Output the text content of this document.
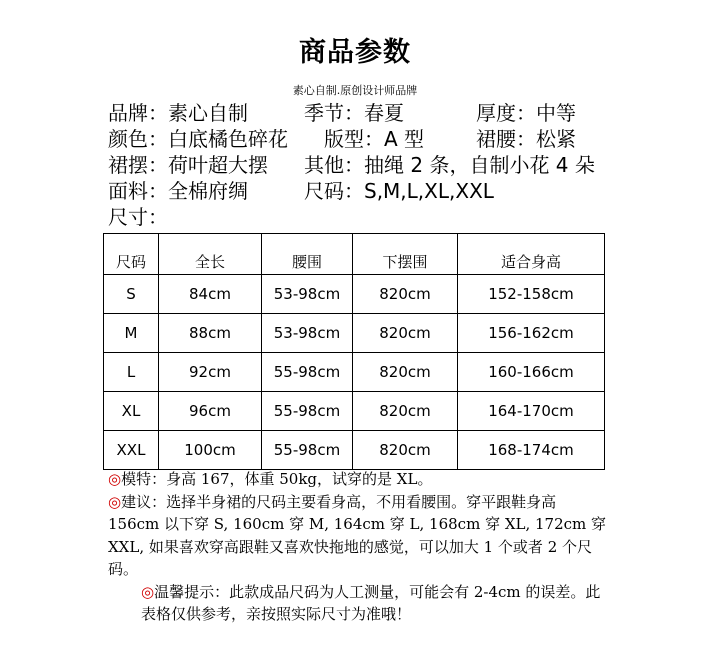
商品参数
素心自制.原创设计师品牌
品牌：素心自制	季节：春夏	厚度：中等
颜色：白底橘色碎花 版型：A 型	裙腰：松紧
裙摆：荷叶超大摆 其他：抽绳 2 条，自制小花 4 朵
面料：全棉府绸	尺码：S,M,L,XL,XXL
尺寸：
尺码	全长	腰围	下摆围	适合身高
S	84cm	53-98cm	820cm	152-158cm
M	88cm	53-98cm	820cm	156-162cm
L	92cm	55-98cm	820cm	160-166cm
XL	96cm	55-98cm	820cm	164-170cm
XXL	100cm	55-98cm	820cm	168-174cm

◎模特：身高 167，体重 50kg，试穿的是 XL。

◎建议：选择半身裙的尺码主要看身高，不用看腰围。穿平跟鞋身高 156cm 以下穿 S, 160cm 穿 M, 164cm 穿 L, 168cm 穿 XL, 172cm 穿 XXL, 如果喜欢穿高跟鞋又喜欢快拖地的感觉，可以加大 1 个或者 2 个尺码。

◎温馨提示：此款成品尺码为人工测量，可能会有 2-4cm 的误差。此表格仅供参考，亲按照实际尺寸为准哦！
